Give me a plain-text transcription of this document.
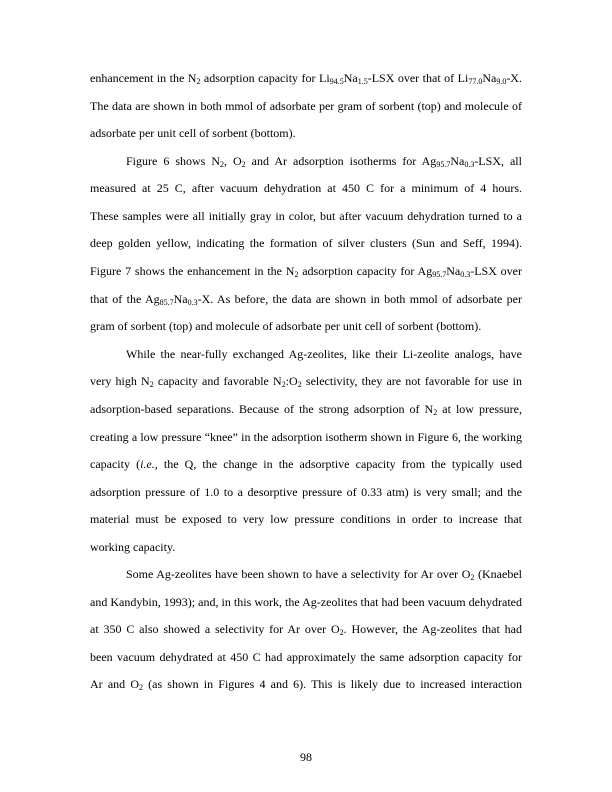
enhancement in the $N_2$ adsorption capacity for $Li_{94.5}Na_{1.5}$-LSX over that of $Li_{77.0}Na_{9.0}-X$.
The data are shown in both mmol of adsorbate per gram of sorbent (top) and molecule of
adsorbate per unit cell of sorbent (bottom).
Figure 6 shows $N_2$, $O_2$ and Ar adsorption isotherms for $Ag_{95.7}Na_{0.3}$-LSX, all
measured at 25 C, after vacuum dehydration at 450 C for a minimum of 4 hours.
These samples were all initially gray in color, but after vacuum dehydration turned to a
deep golden yellow, indicating the formation of silver clusters (Sun and Seff, 1994).
Figure 7 shows the enhancement in the $N_2$ adsorption capacity for $Ag_{95.7}Na_{0.3}$-LSX over
that of the $Ag_{85.7}Na_{0.3}-X$. As before, the data are shown in both mmol of adsorbate per
gram of sorbent (top) and molecule of adsorbate per unit cell of sorbent (bottom).
While the near-fully exchanged Ag-zeolites, like their Li-zeolite analogs, have
very high $N_2$ capacity and favorable $N_2:O_2$ selectivity, they are not favorable for use in
adsorption-based separations. Because of the strong adsorption of $N_2$ at low pressure,
creating a low pressure “knee” in the adsorption isotherm shown in Figure 6, the working
capacity (i.e., the Q, the change in the adsorptive capacity from the typically used
adsorption pressure of 1.0 to a desorptive pressure of 0.33 atm) is very small; and the
material must be exposed to very low pressure conditions in order to increase that
working capacity.
Some Ag-zeolites have been shown to have a selectivity for Ar over $O_2$ (Knaebel
and Kandybin, 1993); and, in this work, the Ag-zeolites that had been vacuum dehydrated
at 350 C also showed a selectivity for Ar over $O_2$. However, the Ag-zeolites that had
been vacuum dehydrated at 450 C had approximately the same adsorption capacity for
Ar and $O_2$ (as shown in Figures 4 and 6). This is likely due to increased interaction
98
